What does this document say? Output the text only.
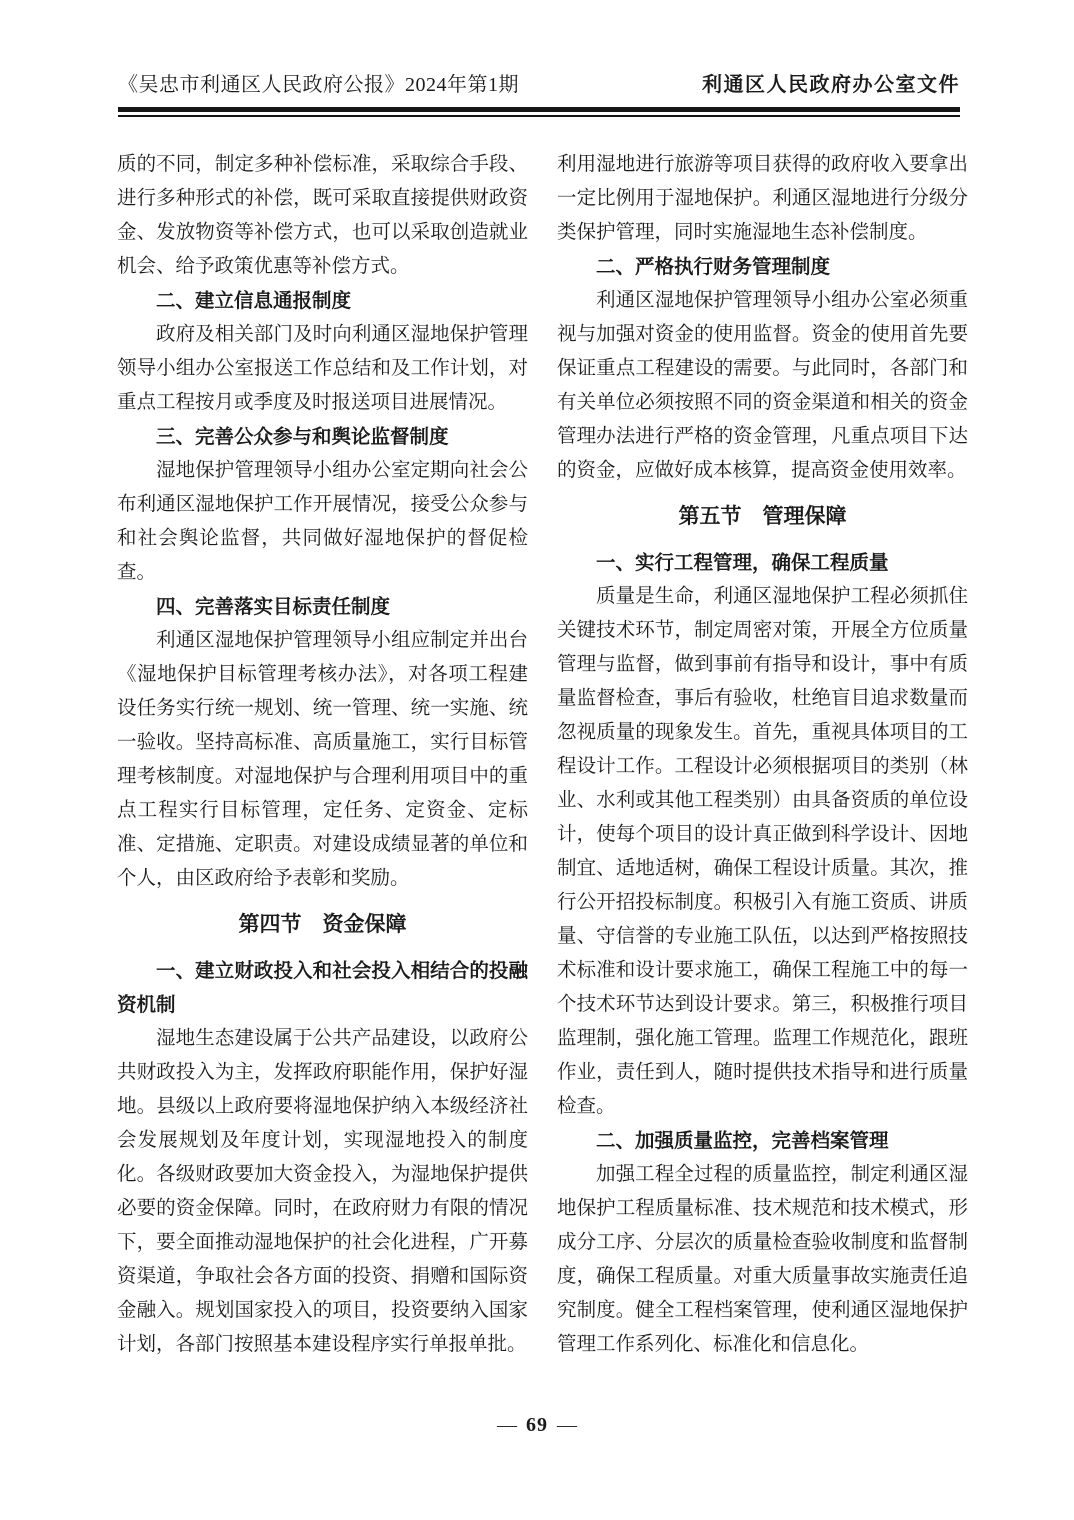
《吴忠市利通区人民政府公报》2024年第1期	利通区人民政府办公室文件
质的不同，制定多种补偿标准，采取综合手段、进行多种形式的补偿，既可采取直接提供财政资金、发放物资等补偿方式，也可以采取创造就业机会、给予政策优惠等补偿方式。
二、建立信息通报制度
政府及相关部门及时向利通区湿地保护管理领导小组办公室报送工作总结和及工作计划，对重点工程按月或季度及时报送项目进展情况。
三、完善公众参与和舆论监督制度
湿地保护管理领导小组办公室定期向社会公布利通区湿地保护工作开展情况，接受公众参与和社会舆论监督，共同做好湿地保护的督促检查。
四、完善落实目标责任制度
利通区湿地保护管理领导小组应制定并出台《湿地保护目标管理考核办法》，对各项工程建设任务实行统一规划、统一管理、统一实施、统一验收。坚持高标准、高质量施工，实行目标管理考核制度。对湿地保护与合理利用项目中的重点工程实行目标管理，定任务、定资金、定标准、定措施、定职责。对建设成绩显著的单位和个人，由区政府给予表彰和奖励。
第四节　资金保障
一、建立财政投入和社会投入相结合的投融资机制
湿地生态建设属于公共产品建设，以政府公共财政投入为主，发挥政府职能作用，保护好湿地。县级以上政府要将湿地保护纳入本级经济社会发展规划及年度计划，实现湿地投入的制度化。各级财政要加大资金投入，为湿地保护提供必要的资金保障。同时，在政府财力有限的情况下，要全面推动湿地保护的社会化进程，广开募资渠道，争取社会各方面的投资、捐赠和国际资金融入。规划国家投入的项目，投资要纳入国家计划，各部门按照基本建设程序实行单报单批。
利用湿地进行旅游等项目获得的政府收入要拿出一定比例用于湿地保护。利通区湿地进行分级分类保护管理，同时实施湿地生态补偿制度。
二、严格执行财务管理制度
利通区湿地保护管理领导小组办公室必须重视与加强对资金的使用监督。资金的使用首先要保证重点工程建设的需要。与此同时，各部门和有关单位必须按照不同的资金渠道和相关的资金管理办法进行严格的资金管理，凡重点项目下达的资金，应做好成本核算，提高资金使用效率。
第五节　管理保障
一、实行工程管理，确保工程质量
质量是生命，利通区湿地保护工程必须抓住关键技术环节，制定周密对策，开展全方位质量管理与监督，做到事前有指导和设计，事中有质量监督检查，事后有验收，杜绝盲目追求数量而忽视质量的现象发生。首先，重视具体项目的工程设计工作。工程设计必须根据项目的类别（林业、水利或其他工程类别）由具备资质的单位设计，使每个项目的设计真正做到科学设计、因地制宜、适地适树，确保工程设计质量。其次，推行公开招投标制度。积极引入有施工资质、讲质量、守信誉的专业施工队伍，以达到严格按照技术标准和设计要求施工，确保工程施工中的每一个技术环节达到设计要求。第三，积极推行项目监理制，强化施工管理。监理工作规范化，跟班作业，责任到人，随时提供技术指导和进行质量检查。
二、加强质量监控，完善档案管理
加强工程全过程的质量监控，制定利通区湿地保护工程质量标准、技术规范和技术模式，形成分工序、分层次的质量检查验收制度和监督制度，确保工程质量。对重大质量事故实施责任追究制度。健全工程档案管理，使利通区湿地保护管理工作系列化、标准化和信息化。
— 69 —
